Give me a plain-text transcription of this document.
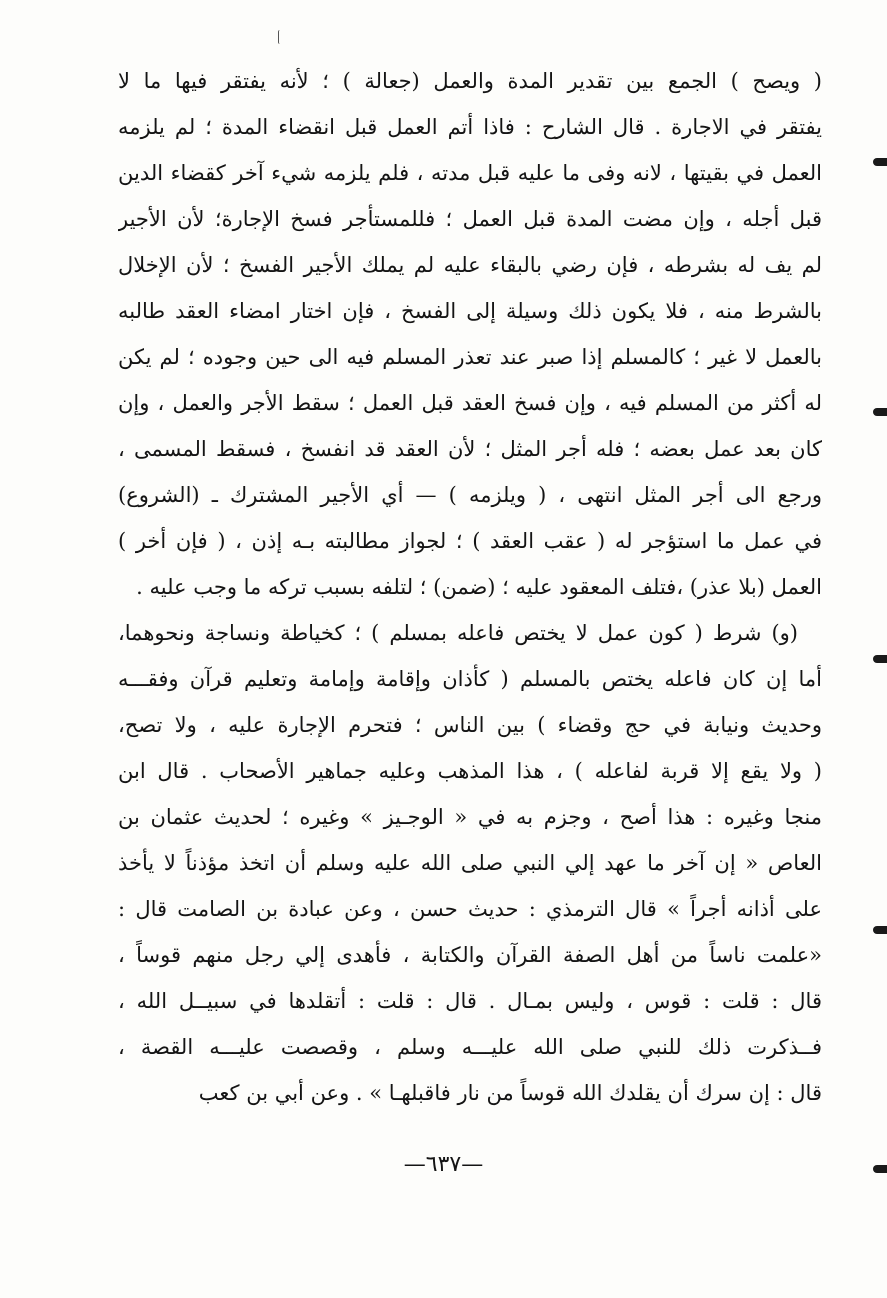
( ويصح ) الجمع بين تقدير المدة والعمل (جعالة ) ؛ لأنه يفتقر فيها ما لا
يفتقر في الاجارة . قال الشارح : فاذا أتم العمل قبل انقضاء المدة ؛ لم يلزمه
العمل في بقيتها ، لانه وفى ما عليه قبل مدته ، فلم يلزمه شيء آخر كقضاء الدين
قبل أجله ، وإن مضت المدة قبل العمل ؛ فللمستأجر فسخ الإجارة؛ لأن الأجير
لم يف له بشرطه ، فإن رضي بالبقاء عليه لم يملك الأجير الفسخ ؛ لأن الإخلال
بالشرط منه ، فلا يكون ذلك وسيلة إلى الفسخ ، فإن اختار امضاء العقد طالبه
بالعمل لا غير ؛ كالمسلم إذا صبر عند تعذر المسلم فيه الى حين وجوده ؛ لم يكن
له أكثر من المسلم فيه ، وإن فسخ العقد قبل العمل ؛ سقط الأجر والعمل ، وإن
كان بعد عمل بعضه ؛ فله أجر المثل ؛ لأن العقد قد انفسخ ، فسقط المسمى ،
ورجع الى أجر المثل انتهى ، ( ويلزمه ) — أي الأجير المشترك ـ (الشروع)
في عمل ما استؤجر له ( عقب العقد ) ؛ لجواز مطالبته بـه إذن ، ( فإن أخر )
العمل (بلا عذر) ،فتلف المعقود عليه ؛ (ضمن) ؛ لتلفه بسبب تركه ما وجب عليه .
(و) شرط ( كون عمل لا يختص فاعله بمسلم ) ؛ كخياطة ونساجة ونحوهما،
أما إن كان فاعله يختص بالمسلم ( كأذان وإقامة وإمامة وتعليم قرآن وفقـــه
وحديث ونيابة في حج وقضاء ) بين الناس ؛ فتحرم الإجارة عليه ، ولا تصح،
( ولا يقع إلا قربة لفاعله ) ، هذا المذهب وعليه جماهير الأصحاب . قال ابن
منجا وغيره : هذا أصح ، وجزم به في « الوجـيز » وغيره ؛ لحديث عثمان بن
العاص « إن آخر ما عهد إلي النبي صلى الله عليه وسلم أن اتخذ مؤذناً لا يأخذ
على أذانه أجراً » قال الترمذي : حديث حسن ، وعن عبادة بن الصامت قال :
«علمت ناساً من أهل الصفة القرآن والكتابة ، فأهدى إلي رجل منهم قوساً ،
قال : قلت : قوس ، وليس بمـال . قال : قلت : أتقلدها في سبيــل الله ،
فــذكرت ذلك للنبي صلى الله عليـــه وسلم ، وقصصت عليـــه القصة ،
قال : إن سرك أن يقلدك الله قوساً من نار فاقبلهـا » . وعن أبي بن كعب
—٦٣٧—
